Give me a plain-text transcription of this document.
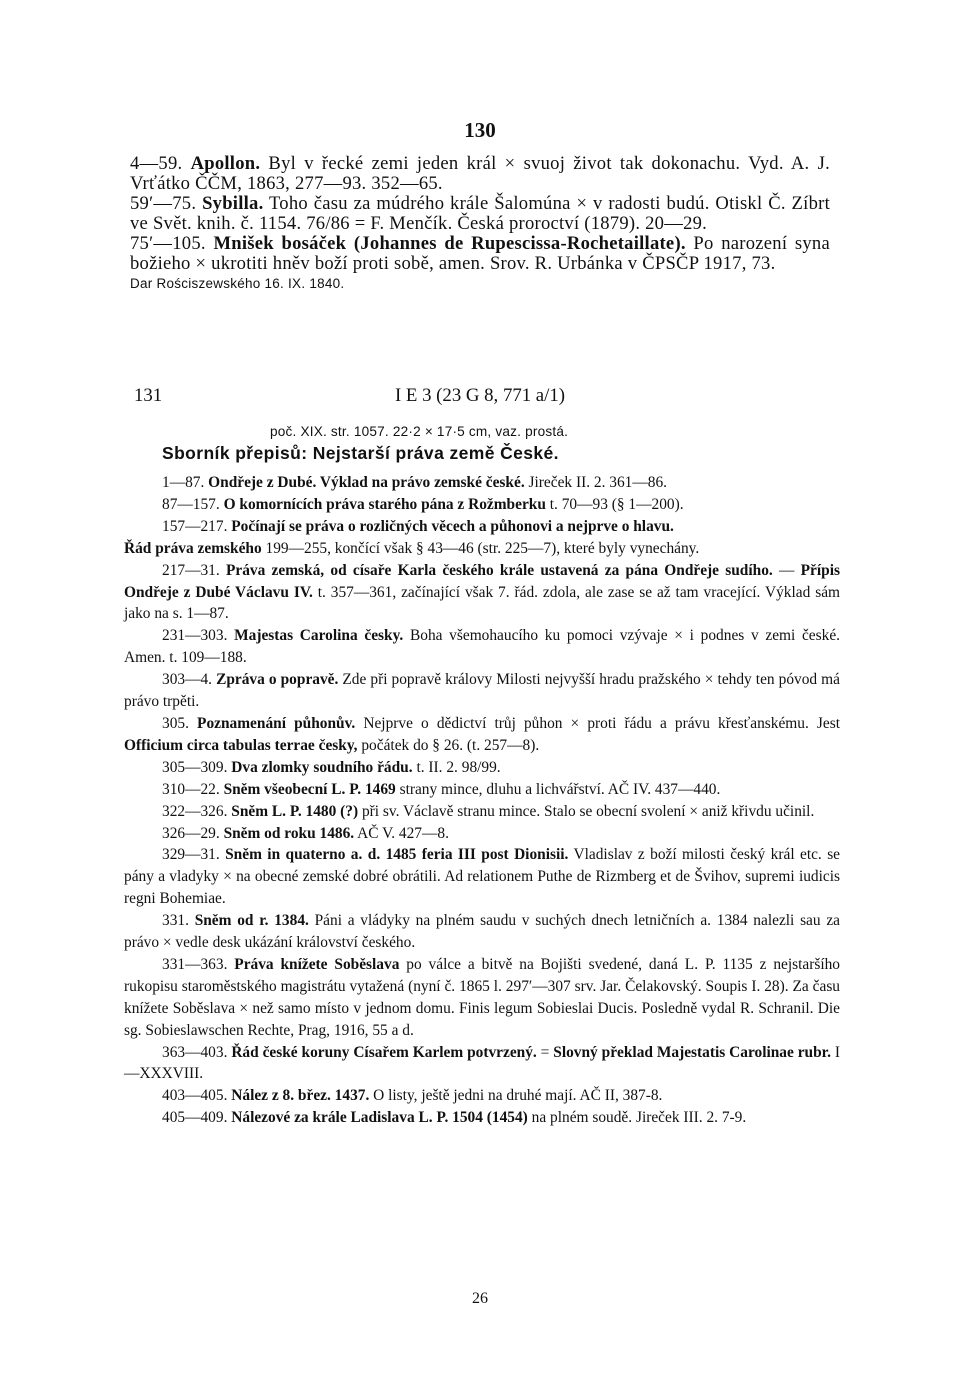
130

4—59. Apollon. Byl v řecké zemi jeden král × svuoj život tak dokonachu. Vyd. A. J. Vrťátko ČČM, 1863, 277—93. 352—65.

59′—75. Sybilla. Toho času za múdrého krále Šalomúna × v radosti budú. Otiskl Č. Zíbrt ve Svět. knih. č. 1154. 76/86 = F. Menčík. Česká proroctví (1879). 20—29.

75′—105. Mnišek bosáček (Johannes de Rupescissa-Rochetaillate). Po narození syna božieho × ukrotiti hněv boží proti sobě, amen. Srov. R. Urbánka v ČPSČP 1917, 73.

Dar Rościszewského 16. IX. 1840.
131	I E 3 (23 G 8, 771 a/1)
poč. XIX. str. 1057. 22·2 × 17·5 cm, vaz. prostá.
Sborník přepisů: Nejstarší práva země České.

1—87. Ondřeje z Dubé. Výklad na právo zemské české. Jireček II. 2. 361—86.

87—157. O komornících práva starého pána z Rožmberku t. 70—93 (§ 1—200).

157—217. Počínají se práva o rozličných věcech a půhonovi a nejprve o hlavu.

Řád práva zemského 199—255, končící však § 43—46 (str. 225—7), které byly vynechány.

217—31. Práva zemská, od císaře Karla českého krále ustavená za pána Ondřeje sudího. — Přípis Ondřeje z Dubé Václavu IV. t. 357—361, začínající však 7. řád. zdola, ale zase se až tam vracející. Výklad sám jako na s. 1—87.

231—303. Majestas Carolina česky. Boha všemohaucího ku pomoci vzývaje × i podnes v zemi české. Amen. t. 109—188.

303—4. Zpráva o popravě. Zde při popravě královy Milosti nejvyšší hradu pražského × tehdy ten póvod má právo trpěti.

305. Poznamenání půhonův. Nejprve o dědictví trůj půhon × proti řádu a právu křesťanskému. Jest Officium circa tabulas terrae česky, počátek do § 26. (t. 257—8).

305—309. Dva zlomky soudního řádu. t. II. 2. 98/99.

310—22. Sněm všeobecní L. P. 1469 strany mince, dluhu a lichvářství. AČ IV. 437—440.

322—326. Sněm L. P. 1480 (?) při sv. Václavě stranu mince. Stalo se obecní svolení × aniž křivdu učinil.

326—29. Sněm od roku 1486. AČ V. 427—8.

329—31. Sněm in quaterno a. d. 1485 feria III post Dionisii. Vladislav z boží milosti český král etc. se pány a vladyky × na obecné zemské dobré obrátili. Ad relationem Puthe de Rizmberg et de Švihov, supremi iudicis regni Bohemiae.

331. Sněm od r. 1384. Páni a vládyky na plném saudu v suchých dnech letničních a. 1384 nalezli sau za právo × vedle desk ukázání království českého.

331—363. Práva knížete Soběslava po válce a bitvě na Bojišti svedené, daná L. P. 1135 z nejstaršího rukopisu staroměstského magistrátu vytažená (nyní č. 1865 l. 297′—307 srv. Jar. Čelakovský. Soupis I. 28). Za času knížete Soběslava × než samo místo v jednom domu. Finis legum Sobieslai Ducis. Posledně vydal R. Schranil. Die sg. Sobieslawschen Rechte, Prag, 1916, 55 a d.

363—403. Řád české koruny Císařem Karlem potvrzený. = Slovný překlad Majestatis Carolinae rubr. I—XXXVIII.

403—405. Nález z 8. břez. 1437. O listy, ještě jedni na druhé mají. AČ II, 387-8.

405—409. Nálezové za krále Ladislava L. P. 1504 (1454) na plném soudě. Jireček III. 2. 7-9.

26
